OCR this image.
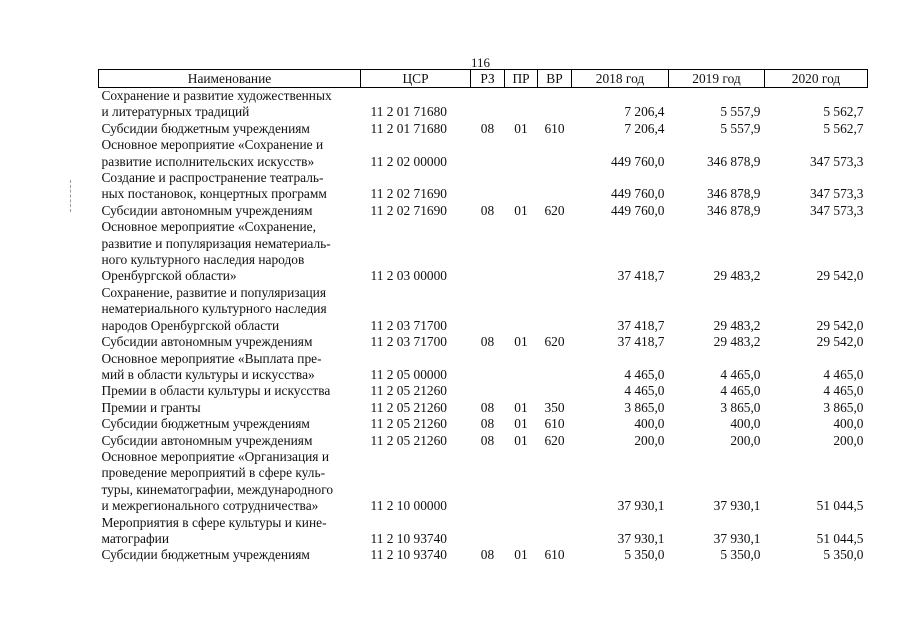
116
Наименование	ЦСР	РЗ	ПР	ВР	2018 год	2019 год	2020 год
Сохранение и развитие художественных
и литературных традиций	11 2 01 71680				7 206,4	5 557,9	5 562,7
Субсидии бюджетным учреждениям	11 2 01 71680	08	01	610	7 206,4	5 557,9	5 562,7
Основное мероприятие «Сохранение и
развитие исполнительских искусств»	11 2 02 00000				449 760,0	346 878,9	347 573,3
Создание и распространение театраль-
ных постановок, концертных программ	11 2 02 71690				449 760,0	346 878,9	347 573,3
Субсидии автономным учреждениям	11 2 02 71690	08	01	620	449 760,0	346 878,9	347 573,3
Основное мероприятие «Сохранение,
развитие и популяризация нематериаль-
ного культурного наследия народов
Оренбургской области»	11 2 03 00000				37 418,7	29 483,2	29 542,0
Сохранение, развитие и популяризация
нематериального культурного наследия
народов Оренбургской области	11 2 03 71700				37 418,7	29 483,2	29 542,0
Субсидии автономным учреждениям	11 2 03 71700	08	01	620	37 418,7	29 483,2	29 542,0
Основное мероприятие «Выплата пре-
мий в области культуры и искусства»	11 2 05 00000				4 465,0	4 465,0	4 465,0
Премии в области культуры и искусства	11 2 05 21260				4 465,0	4 465,0	4 465,0
Премии и гранты	11 2 05 21260	08	01	350	3 865,0	3 865,0	3 865,0
Субсидии бюджетным учреждениям	11 2 05 21260	08	01	610	400,0	400,0	400,0
Субсидии автономным учреждениям	11 2 05 21260	08	01	620	200,0	200,0	200,0
Основное мероприятие «Организация и
проведение мероприятий в сфере куль-
туры, кинематографии, международного
и межрегионального сотрудничества»	11 2 10 00000				37 930,1	37 930,1	51 044,5
Мероприятия в сфере культуры и кине-
матографии	11 2 10 93740				37 930,1	37 930,1	51 044,5
Субсидии бюджетным учреждениям	11 2 10 93740	08	01	610	5 350,0	5 350,0	5 350,0
